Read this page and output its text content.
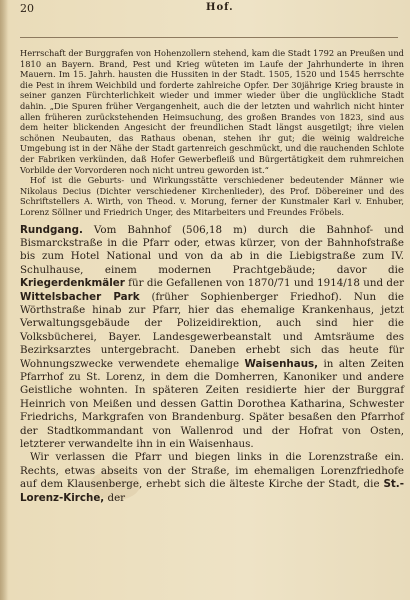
20	Hof.

Herrschaft der Burggrafen von Hohenzollern stehend, kam die Stadt 1792 an Preußen und 1810 an Bayern. Brand, Pest und Krieg wüteten im Laufe der Jahrhunderte in ihren Mauern. Im 15. Jahrh. hausten die Hussiten in der Stadt. 1505, 1520 und 1545 herrschte die Pest in ihrem Weichbild und forderte zahlreiche Opfer. Der 30jährige Krieg brauste in seiner ganzen Fürchterlichkeit wieder und immer wieder über die unglückliche Stadt dahin. „Die Spuren früher Vergangenheit, auch die der letzten und wahrlich nicht hinter allen früheren zurückstehenden Heimsuchung, des großen Brandes von 1823, sind aus dem heiter blickenden Angesicht der freundlichen Stadt längst ausgetilgt; ihre vielen schönen Neubauten, das Rathaus obenan, stehen ihr gut; die weinig waldreiche Umgebung ist in der Nähe der Stadt gartenreich geschmückt, und die rauchenden Schlote der Fabriken verkünden, daß Hofer Gewerbefleiß und Bürgertätigkeit dem ruhmreichen Vorbilde der Vorvorderen noch nicht untreu geworden ist.“

Hof ist die Geburts- und Wirkungsstätte verschiedener bedeutender Männer wie Nikolaus Decius (Dichter verschiedener Kirchenlieder), des Prof. Döbereiner und des Schriftstellers A. Wirth, von Theod. v. Morung, ferner der Kunstmaler Karl v. Enhuber, Lorenz Söllner und Friedrich Unger, des Mitarbeiters und Freundes Fröbels.

Rundgang. Vom Bahnhof (506,18 m) durch die Bahnhof- und Bismarckstraße in die Pfarr oder, etwas kürzer, von der Bahnhofstraße bis zum Hotel National und von da ab in die Liebigstraße zum IV. Schulhause, einem modernen Prachtgebäude; davor die Kriegerdenkmäler für die Gefallenen von 1870/71 und 1914/18 und der Wittelsbacher Park (früher Sophienberger Friedhof). Nun die Wörthstraße hinab zur Pfarr, hier das ehemalige Krankenhaus, jetzt Verwaltungsgebäude der Polizeidirektion, auch sind hier die Volksbücherei, Bayer. Landesgewerbeanstalt und Amtsräume des Bezirksarztes untergebracht. Daneben erhebt sich das heute für Wohnungszwecke verwendete ehemalige Waisenhaus, in alten Zeiten Pfarrhof zu St. Lorenz, in dem die Domherren, Kanoniker und andere Geistliche wohnten. In späteren Zeiten residierte hier der Burggraf Heinrich von Meißen und dessen Gattin Dorothea Katharina, Schwester Friedrichs, Markgrafen von Brandenburg. Später besaßen den Pfarrhof der Stadtkommandant von Wallenrod und der Hofrat von Osten, letzterer verwandelte ihn in ein Waisenhaus.

Wir verlassen die Pfarr und biegen links in die Lorenzstraße ein. Rechts, etwas abseits von der Straße, im ehemaligen Lorenzfriedhofe auf dem Klausenberge, erhebt sich die älteste Kirche der Stadt, die St.-Lorenz-Kirche, der
